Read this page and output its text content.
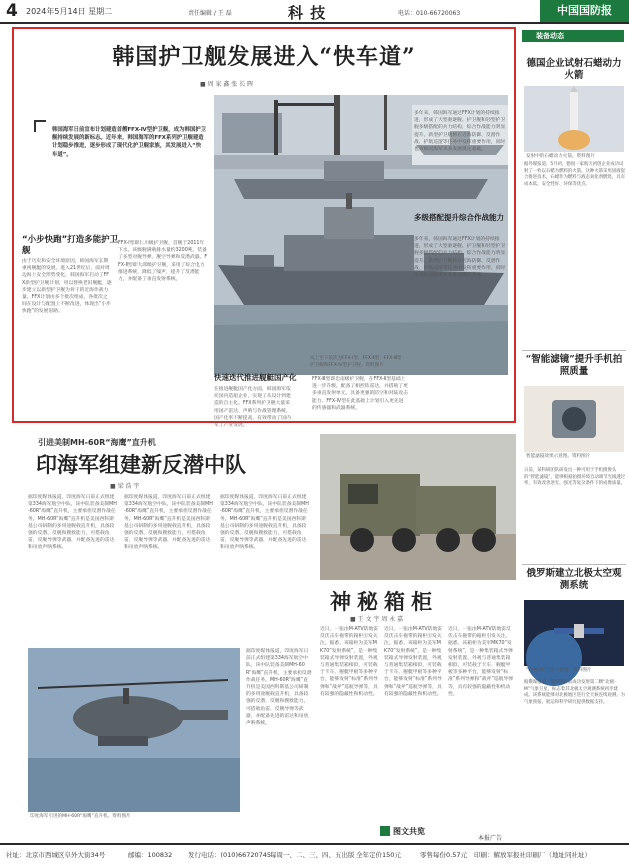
4 2024年5月14日 星期二	责任编辑 / 王 磊	科 技	电话：010-66720063	中国国防报
韩国护卫舰发展进入“快车道”
■ 周 家 鑫 张 长 晖
韩国海军日前宣布计划建造首艘FFX-Ⅳ型护卫舰，成为韩国护卫舰持续发展的新标志。近年来，韩国海军的FFX系列护卫舰建造计划稳步推进，逐步形成了现代化护卫舰家族，其发展进入“快车道”。
“小步快跑”打造多能护卫舰
由于历史和安全环境原因，韩国海军长期重视舰艇的发展。进入21世纪后，面对周边海上安全形势变化，韩国海军启动了FFX新型护卫舰计划，用以替换老旧舰艇，逐步建立以新型护卫舰为骨干的近海作战力量。FFX计划由多个批次组成，各批次之间在设计与配置上不断改进，体现出“小步快跑”的发展思路。
FFX-Ⅰ型即仁川级护卫舰，首舰于2011年下水。该级舰满载排水量约3200吨，装备了多型对舰导弹、舰空导弹和反潜武器。FFX-Ⅱ型即大邱级护卫舰，采用了综合电力推进系统，降低了噪声，提升了反潜能力，并配备了垂直发射系统。
在推进舰艇国产化方面，韩国海军依托国内造船企业，实现了从设计到建造的自主化。FFX系列护卫舰大量采用国产雷达、声呐与作战管理系统，国产化率不断提高，有效带动了国内军工产业发展。
快速迭代推进舰艇国产化
从上至下依次为FFX-Ⅰ型、FFX-Ⅱ型、FFX-Ⅲ型护卫舰和FFX-Ⅳ型护卫舰。资料图片
FFX-Ⅲ型即忠南级护卫舰，在FFX-Ⅱ型基础上进一步升级，配备了相控阵雷达，并搭载了更多垂直发射单元，具备更强的防空和对陆攻击能力。FFX-Ⅳ型在此基础上计划引入更先进的传感器和武器系统。
多年来，韩国海军通过FFX计划的持续推进，形成了大型驱逐舰、护卫舰和轻型护卫舰多级搭配的兵力结构，综合作战能力明显提升。新型护卫舰将在近海防御、反潜作战、护航巡逻等任务中发挥重要作用，同时也为韩国海军未来发展奠定基础。
多级搭配提升综合作战能力
多年来，韩国海军通过FFX计划的持续推进，形成了大型驱逐舰、护卫舰和轻型护卫舰多级搭配的兵力结构，综合作战能力明显提升。新型护卫舰将在近海防御、反潜作战、护航巡逻等任务中发挥重要作用，同时也为韩国海军未来发展奠定基础。
引进美制MH-60R“海鹰”直升机
印海军组建新反潜中队
■ 梁 浩 宇
据印度媒体报道，印度海军日前正式组建第334海军航空中队，该中队装备美制MH-60R“海鹰”直升机，主要承担反潜作战任务。MH-60R“海鹰”直升机是美国西科斯基公司研制的多用途舰载直升机，具备较强的反潜、反舰和搜救能力，可搭载鱼雷、反舰导弹等武器，并配备先进的雷达和吊放声呐系统。
据印度媒体报道，印度海军日前正式组建第334海军航空中队，该中队装备美制MH-60R“海鹰”直升机，主要承担反潜作战任务。MH-60R“海鹰”直升机是美国西科斯基公司研制的多用途舰载直升机，具备较强的反潜、反舰和搜救能力，可搭载鱼雷、反舰导弹等武器，并配备先进的雷达和吊放声呐系统。
据印度媒体报道，印度海军日前正式组建第334海军航空中队，该中队装备美制MH-60R“海鹰”直升机，主要承担反潜作战任务。MH-60R“海鹰”直升机是美国西科斯基公司研制的多用途舰载直升机，具备较强的反潜、反舰和搜救能力，可搭载鱼雷、反舰导弹等武器，并配备先进的雷达和吊放声呐系统。
印度海军引进的MH-60R“海鹰”直升机。资料图片
据印度媒体报道，印度海军日前正式组建第334海军航空中队，该中队装备美制MH-60R“海鹰”直升机，主要承担反潜作战任务。MH-60R“海鹰”直升机是美国西科斯基公司研制的多用途舰载直升机，具备较强的反潜、反舰和搜救能力，可搭载鱼雷、反舰导弹等武器，并配备先进的雷达和吊放声呐系统。
神秘箱柜
■ 王 文 宇 周 永 嘉
近日，一张由M-ATV防地雷反伏击车拖带的箱柜引发关注。据悉，该箱柜为美军MK70“发射系统”，是一种集装箱式导弹发射装置，外观与普通集装箱相似，可装载于卡车、舰艇甲板等多种平台，能够发射“标准”系列导弹和“战斧”巡航导弹等，具有较强的隐蔽性和机动性。
近日，一张由M-ATV防地雷反伏击车拖带的箱柜引发关注。据悉，该箱柜为美军MK70“发射系统”，是一种集装箱式导弹发射装置，外观与普通集装箱相似，可装载于卡车、舰艇甲板等多种平台，能够发射“标准”系列导弹和“战斧”巡航导弹等，具有较强的隐蔽性和机动性。
近日，一张由M-ATV防地雷反伏击车拖带的箱柜引发关注。据悉，该箱柜为美军MK70“发射系统”，是一种集装箱式导弹发射装置，外观与普通集装箱相似，可装载于卡车、舰艇甲板等多种平台，能够发射“标准”系列导弹和“战斧”巡航导弹等，具有较强的隐蔽性和机动性。
图文共览
装备动态
德国企业试射石蜡动力火箭
发射中的石蜡动力火箭。资料图片
据外媒报道，5月初，德国一家航天初创企业成功试射了一枚以石蜡为燃料的火箭。这种火箭采用固液混合推进技术，石蜡作为燃料与液态氧化剂燃烧，具有成本低、安全性好、环保等优点。
“智能滤镜”提升手机拍照质量
智能滤镜效果示意图。资料图片
日前，某科研团队研发出一种可用于手机摄像头的“智能滤镜”，能够根据拍摄环境自动调节光线透过率，有效改善逆光、强光等复杂条件下的成像质量。
俄罗斯建立北极太空观测系统
“北极-M”卫星示意图。资料图片
据俄媒报道，俄罗斯日前成功发射第二颗“北极-M”气象卫星，标志着其北极太空观测系统初步建成。该系统能够对北极地区进行全天候连续观测，为气象预报、航运和科学研究提供数据支持。
社址：北京市西城区阜外大街34号	邮编：100832 发行电话：(010)66720745
每周一、二、三、四、五出版 全年定价150元	零售每份0.57元 印刷：解放军报社印刷厂（地址同社址）
本报广告
